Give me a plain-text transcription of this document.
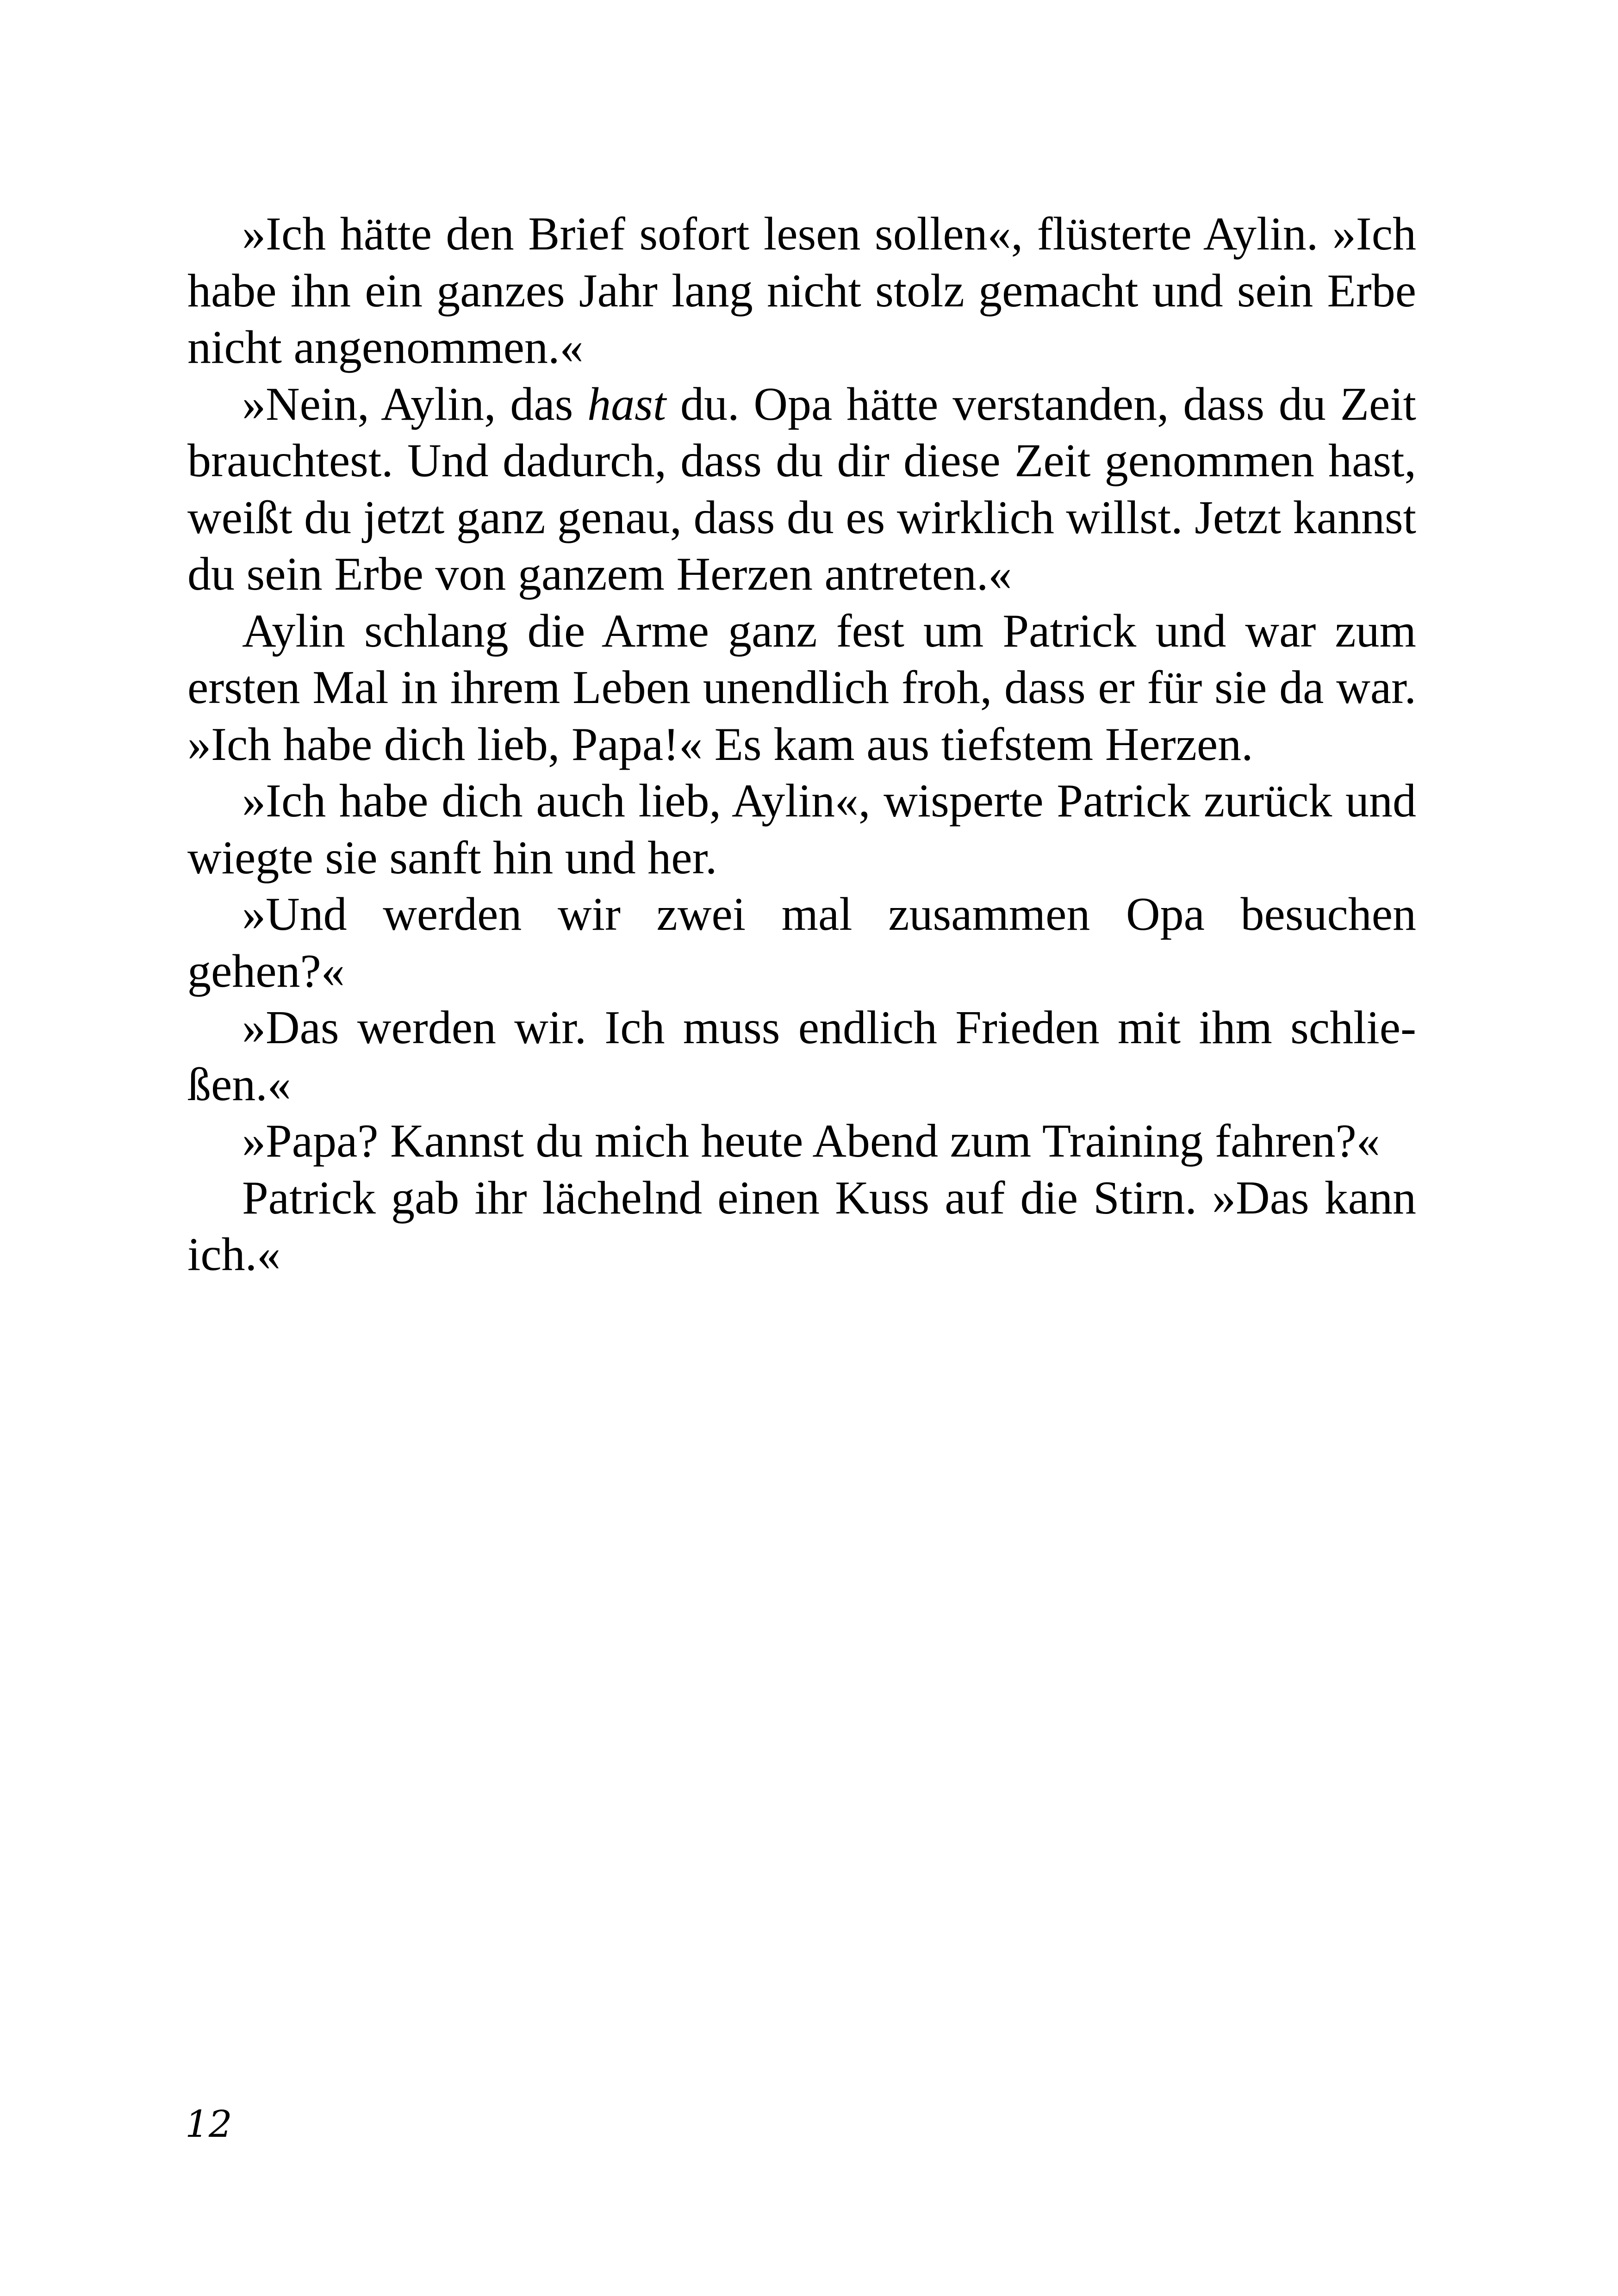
»Ich hätte den Brief sofort lesen sollen«, flüsterte Aylin. »Ich habe ihn ein ganzes Jahr lang nicht stolz gemacht und sein Erbe nicht angenommen.«

»Nein, Aylin, das hast du. Opa hätte verstanden, dass du Zeit brauchtest. Und dadurch, dass du dir diese Zeit genommen hast, weißt du jetzt ganz genau, dass du es wirklich willst. Jetzt kannst du sein Erbe von ganzem Herzen antreten.«

Aylin schlang die Arme ganz fest um Patrick und war zum ersten Mal in ihrem Leben unendlich froh, dass er für sie da war. »Ich habe dich lieb, Papa!« Es kam aus tiefstem Herzen.

»Ich habe dich auch lieb, Aylin«, wisperte Patrick zurück und wiegte sie sanft hin und her.

»Und werden wir zwei mal zusammen Opa besuchen gehen?«

»Das werden wir. Ich muss endlich Frieden mit ihm schließen.«

»Papa? Kannst du mich heute Abend zum Training fahren?«

Patrick gab ihr lächelnd einen Kuss auf die Stirn. »Das kann ich.«

12
